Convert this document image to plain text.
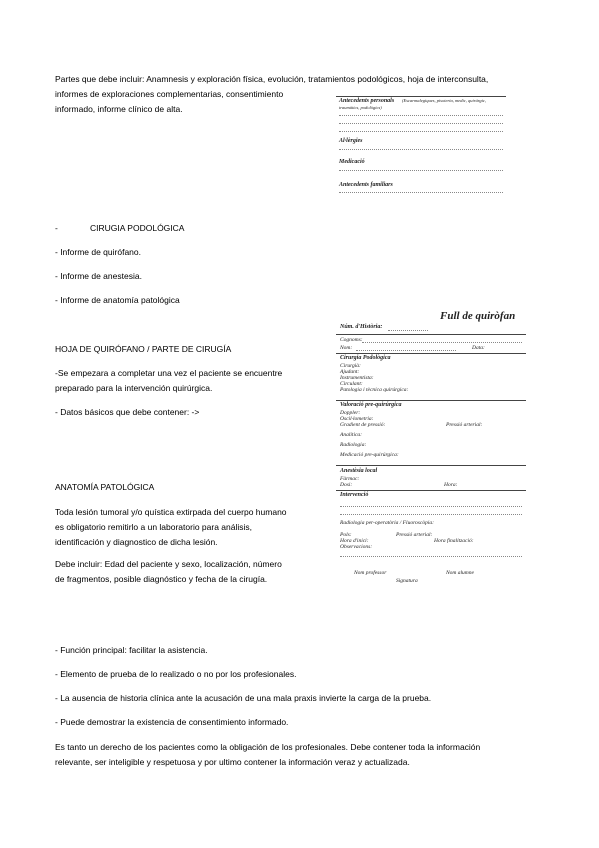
Partes que debe incluir: Anamnesis y exploración física, evolución, tratamientos podológicos, hoja de interconsulta,

informes de exploraciones complementarias, consentimiento

informado, informe clínico de alta.

Antecedents personals (Escarmalegiques, pisoteria, medic, quirúrgic,
traumàtics, podològics)
Al·lèrgies
Medicació
Antecedents familiars

-	CIRUGIA PODOLÓGICA

- Informe de quirófano.

- Informe de anestesia.

- Informe de anatomía patológica

HOJA DE QUIRÓFANO / PARTE DE CIRUGÍA

-Se empezara a completar una vez el paciente se encuentre

preparado para la intervención quirúrgica.

- Datos básicos que debe contener: ->

Full de quiròfan
Núm. d'Història:
Cognoms:
Nom:	Data:
Cirurgia Podològica
Cirurgià:
Ajudant:
Instrumentista:
Circulant:
Patologia i tècnica quirúrgica:
Valoració pre-quirúrgica
Doppler:
Oscil·lometria:
Gradient de pressió:	Pressió arterial:
Analítica:
Radiologia:
Medicació pre-quirúrgica:
Anestèsia local
Fàrmac:
Dosi:	Hora:
Intervenció
Radiologia per-operatòria / Fluoroscòpia:
Pols:	Pressió arterial:
Hora d'inici:	Hora finalització:
Observacions:
Nom professor	Nom alumne
Signatura

ANATOMÍA PATOLÓGICA

Toda lesión tumoral y/o quística extirpada del cuerpo humano

es obligatorio remitirlo a un laboratorio para análisis,

identificación y diagnostico de dicha lesión.

Debe incluir: Edad del paciente y sexo, localización, número

de fragmentos, posible diagnóstico y fecha de la cirugía.

- Función principal: facilitar la asistencia.

- Elemento de prueba de lo realizado o no por los profesionales.

- La ausencia de historia clínica ante la acusación de una mala praxis invierte la carga de la prueba.

- Puede demostrar la existencia de consentimiento informado.

Es tanto un derecho de los pacientes como la obligación de los profesionales. Debe contener toda la información

relevante, ser inteligible y respetuosa y por ultimo contener la información veraz y actualizada.
